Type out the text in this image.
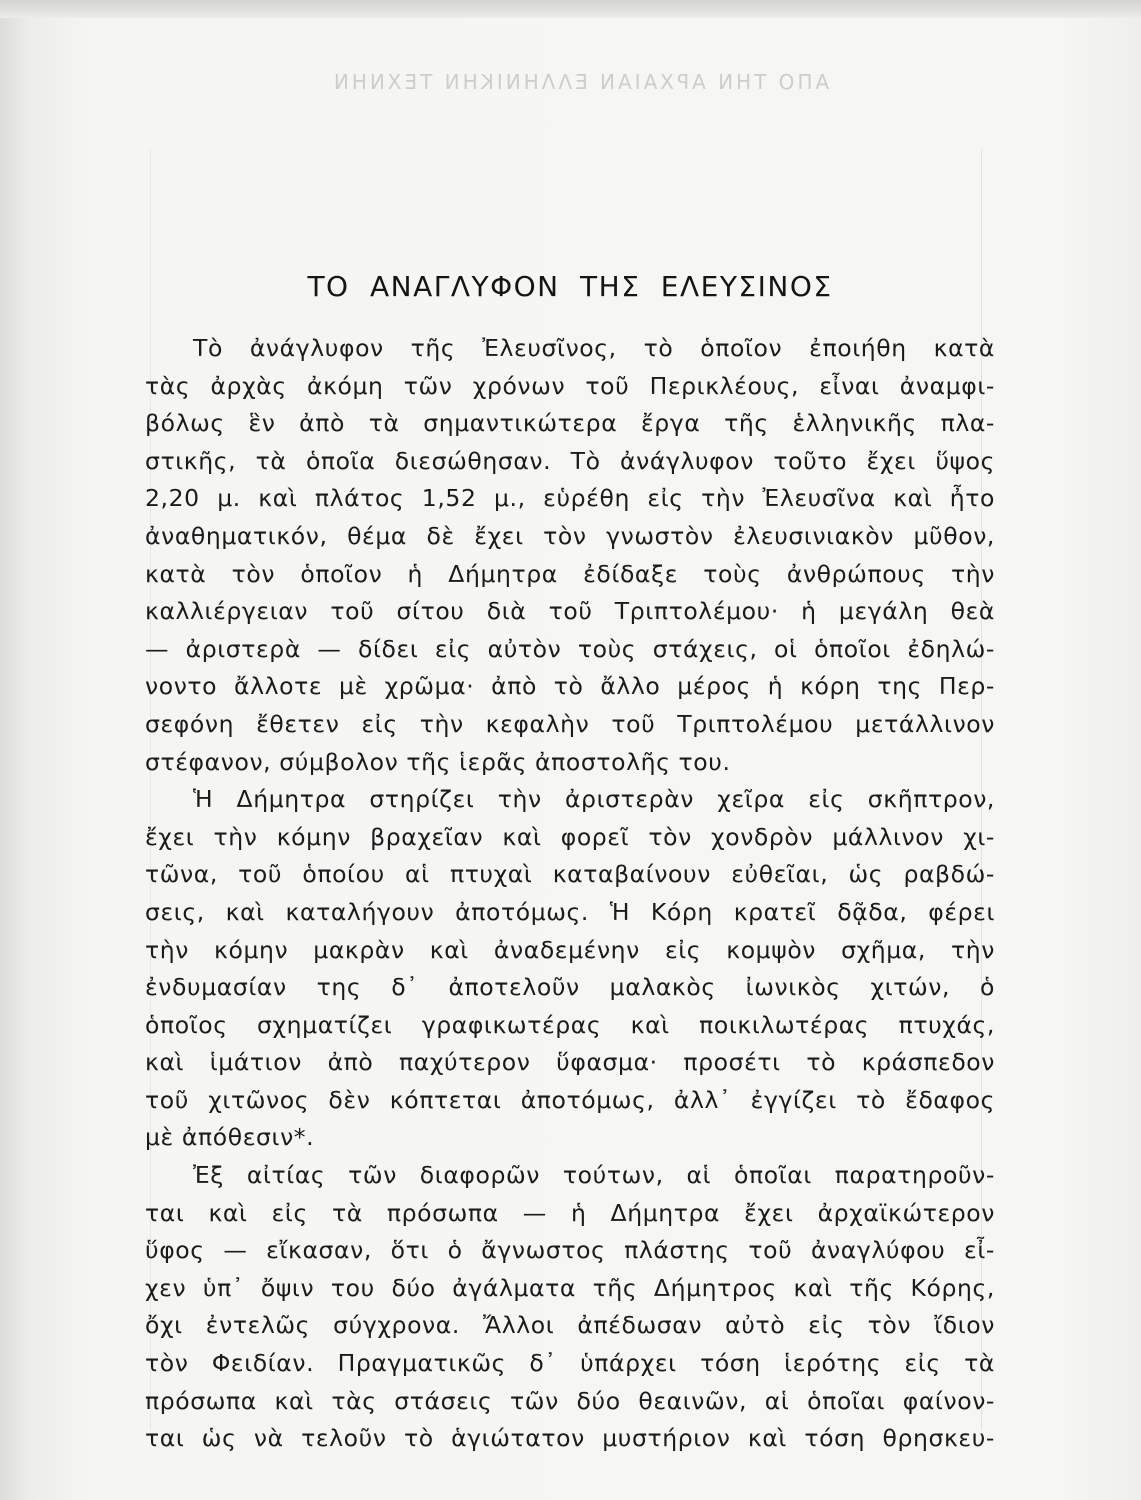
ΑΠΟ ΤΗΝ ΑΡΧΑΙΑΝ ΕΛΛΗΝΙΚΗΝ ΤΕΧΝΗΝ
ΤΟ ΑΝΑΓΛΥΦΟΝ ΤΗΣ ΕΛΕΥΣΙΝΟΣ
Τὸ ἀνάγλυφον τῆς Ἐλευσῖνος, τὸ ὁποῖον ἐποιήθη κατὰ
τὰς ἀρχὰς ἀκόμη τῶν χρόνων τοῦ Περικλέους, εἶναι ἀναμφι-
βόλως ἓν ἀπὸ τὰ σημαντικώτερα ἔργα τῆς ἑλληνικῆς πλα-
στικῆς, τὰ ὁποῖα διεσώθησαν. Τὸ ἀνάγλυφον τοῦτο ἔχει ὕψος
2,20 μ. καὶ πλάτος 1,52 μ., εὑρέθη εἰς τὴν Ἐλευσῖνα καὶ ἦτο
ἀναθηματικόν, θέμα δὲ ἔχει τὸν γνωστὸν ἐλευσινιακὸν μῦθον,
κατὰ τὸν ὁποῖον ἡ Δήμητρα ἐδίδαξε τοὺς ἀνθρώπους τὴν
καλλιέργειαν τοῦ σίτου διὰ τοῦ Τριπτολέμου· ἡ μεγάλη θεὰ
— ἀριστερὰ — δίδει εἰς αὐτὸν τοὺς στάχεις, οἱ ὁποῖοι ἐδηλώ-
νοντο ἄλλοτε μὲ χρῶμα· ἀπὸ τὸ ἄλλο μέρος ἡ κόρη της Περ-
σεφόνη ἔθετεν εἰς τὴν κεφαλὴν τοῦ Τριπτολέμου μετάλλινον
στέφανον, σύμβολον τῆς ἱερᾶς ἀποστολῆς του.
Ἡ Δήμητρα στηρίζει τὴν ἀριστερὰν χεῖρα εἰς σκῆπτρον,
ἔχει τὴν κόμην βραχεῖαν καὶ φορεῖ τὸν χονδρὸν μάλλινον χι-
τῶνα, τοῦ ὁποίου αἱ πτυχαὶ καταβαίνουν εὐθεῖαι, ὡς ραβδώ-
σεις, καὶ καταλήγουν ἀποτόμως. Ἡ Κόρη κρατεῖ δᾷδα, φέρει
τὴν κόμην μακρὰν καὶ ἀναδεμένην εἰς κομψὸν σχῆμα, τὴν
ἐνδυμασίαν της δ᾿ ἀποτελοῦν μαλακὸς ἰωνικὸς χιτών, ὁ
ὁποῖος σχηματίζει γραφικωτέρας καὶ ποικιλωτέρας πτυχάς,
καὶ ἱμάτιον ἀπὸ παχύτερον ὕφασμα· προσέτι τὸ κράσπεδον
τοῦ χιτῶνος δὲν κόπτεται ἀποτόμως, ἀλλ᾿ ἐγγίζει τὸ ἔδαφος
μὲ ἀπόθεσιν*.
Ἐξ αἰτίας τῶν διαφορῶν τούτων, αἱ ὁποῖαι παρατηροῦν-
ται καὶ εἰς τὰ πρόσωπα — ἡ Δήμητρα ἔχει ἀρχαϊκώτερον
ὕφος — εἴκασαν, ὅτι ὁ ἄγνωστος πλάστης τοῦ ἀναγλύφου εἶ-
χεν ὑπ᾿ ὄψιν του δύο ἀγάλματα τῆς Δήμητρος καὶ τῆς Κόρης,
ὄχι ἐντελῶς σύγχρονα. Ἄλλοι ἀπέδωσαν αὐτὸ εἰς τὸν ἴδιον
τὸν Φειδίαν. Πραγματικῶς δ᾿ ὑπάρχει τόση ἱερότης εἰς τὰ
πρόσωπα καὶ τὰς στάσεις τῶν δύο θεαινῶν, αἱ ὁποῖαι φαίνον-
ται ὡς νὰ τελοῦν τὸ ἁγιώτατον μυστήριον καὶ τόση θρησκευ-
